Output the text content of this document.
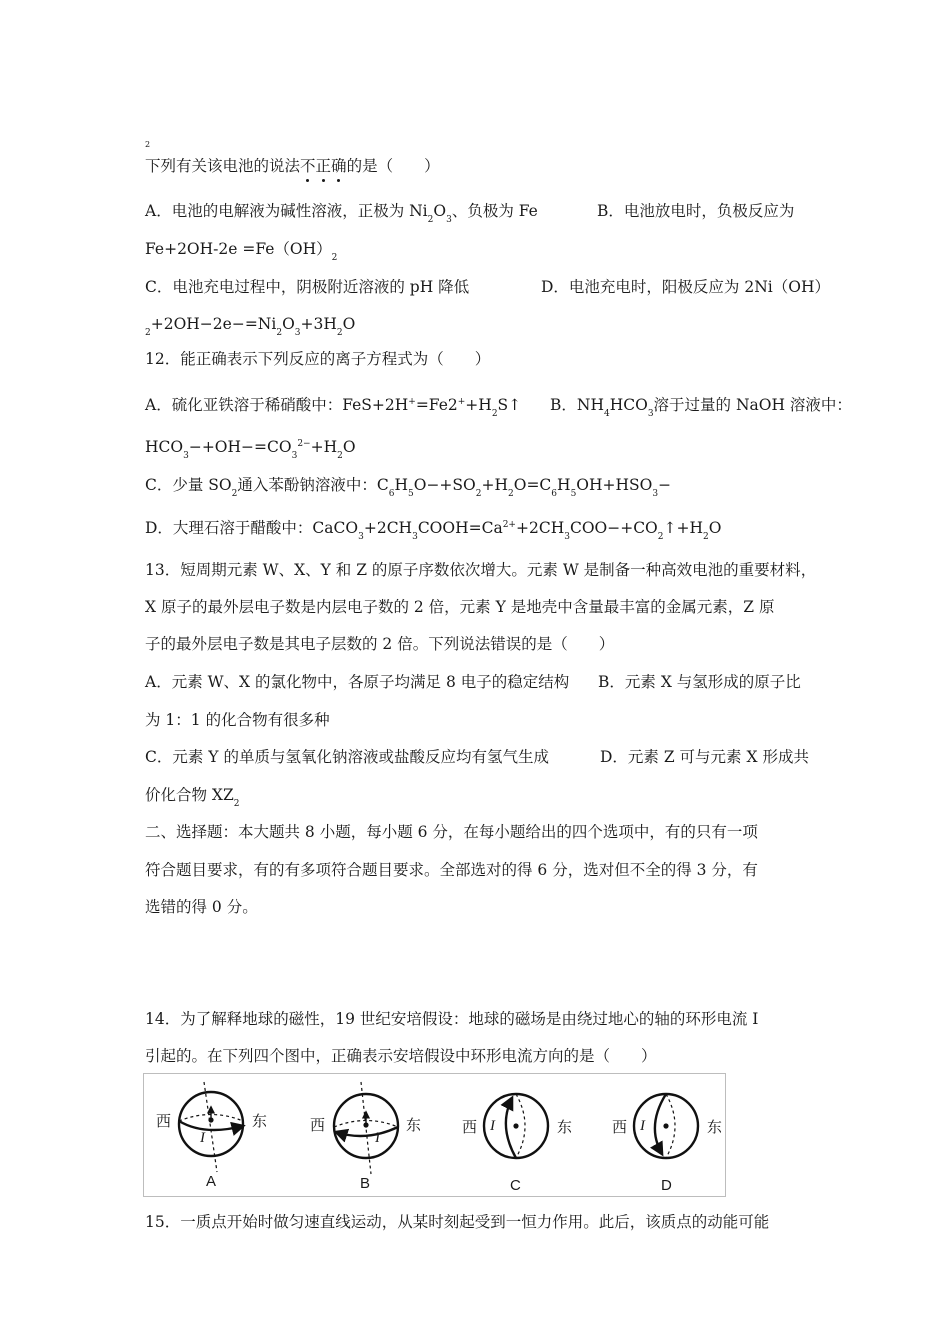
2
下列有关该电池的说法不正确的是（　　）
A．电池的电解液为碱性溶液，正极为 $Ni_2O_3$、负极为 Fe	B．电池放电时，负极反应为
$Fe+2OH-2e =Fe(OH)_2$
C．电池充电过程中，阴极附近溶液的 pH 降低	D．电池充电时，阳极反应为 2Ni（OH）
$_2+2OH-2e-=Ni_2O_3+3H_2O$
12．能正确表示下列反应的离子方程式为（　　）
A．硫化亚铁溶于稀硝酸中：$FeS+2H^+=Fe2^++H_2S↑$	B．$NH_4HCO_3$溶于过量的 NaOH 溶液中：
$HCO_3-+OH-=CO_3^{2-}+H_2O$
C．少量 $SO_2$通入苯酚钠溶液中：$C_6H_5O-+SO_2+H_2O=C_6H_5OH+HSO_3-$
D．大理石溶于醋酸中：$CaCO_3+2CH_3COOH=Ca^{2+}+2CH_3COO-+CO_2↑+H_2O$
13．短周期元素 W、X、Y 和 Z 的原子序数依次增大。元素 W 是制备一种高效电池的重要材料，
X 原子的最外层电子数是内层电子数的 2 倍，元素 Y 是地壳中含量最丰富的金属元素，Z 原
子的最外层电子数是其电子层数的 2 倍。下列说法错误的是（　　）
A．元素 W、X 的氯化物中，各原子均满足 8 电子的稳定结构	B．元素 X 与氢形成的原子比
为 1：1 的化合物有很多种
C．元素 Y 的单质与氢氧化钠溶液或盐酸反应均有氢气生成	D．元素 Z 可与元素 X 形成共
价化合物 $XZ_2$
二、选择题：本大题共 8 小题，每小题 6 分，在每小题给出的四个选项中，有的只有一项
符合题目要求，有的有多项符合题目要求。全部选对的得 6 分，选对但不全的得 3 分，有
选错的得 0 分。
14．为了解释地球的磁性，19 世纪安培假设：地球的磁场是由绕过地心的轴的环形电流 I
引起的。在下列四个图中，正确表示安培假设中环形电流方向的是（　　）
西	东
I
A
西	东
I
B
西	东
I
C
西	东
I
D
15．一质点开始时做匀速直线运动，从某时刻起受到一恒力作用。此后，该质点的动能可能
